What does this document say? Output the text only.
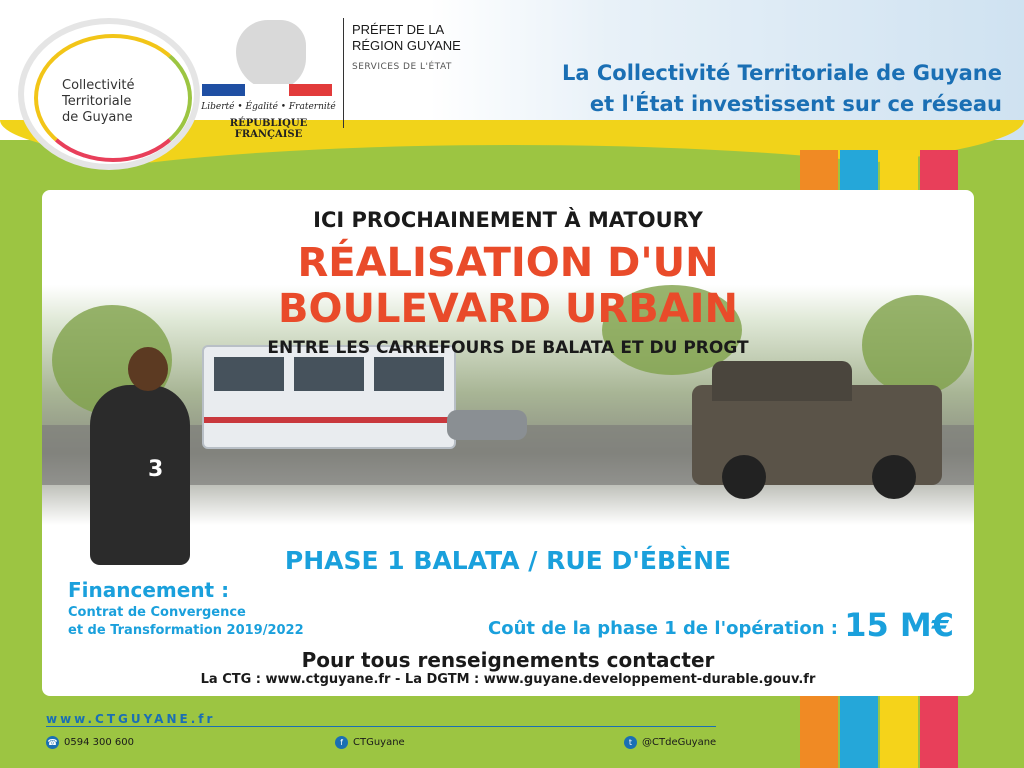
Collectivité
Territoriale
de Guyane
Liberté • Égalité • Fraternité
RÉPUBLIQUE FRANÇAISE
PRÉFET DE LA
RÉGION GUYANE
SERVICES DE L'ÉTAT	La Collectivité Territoriale de Guyane
et l'État investissent sur ce réseau
3
ICI PROCHAINEMENT À MATOURY
RÉALISATION D'UN
BOULEVARD URBAIN
ENTRE LES CARREFOURS DE BALATA ET DU PROGT
PHASE 1 BALATA / RUE D'ÉBÈNE
Financement :
Contrat de Convergence
et de Transformation 2019/2022	Coût de la phase 1 de l'opération : 15 M€
Pour tous renseignements contacter
La CTG : www.ctguyane.fr - La DGTM : www.guyane.developpement-durable.gouv.fr
www.CTGUYANE.fr
☎ 0594 300 600	f	CTGuyane	t @CTdeGuyane
